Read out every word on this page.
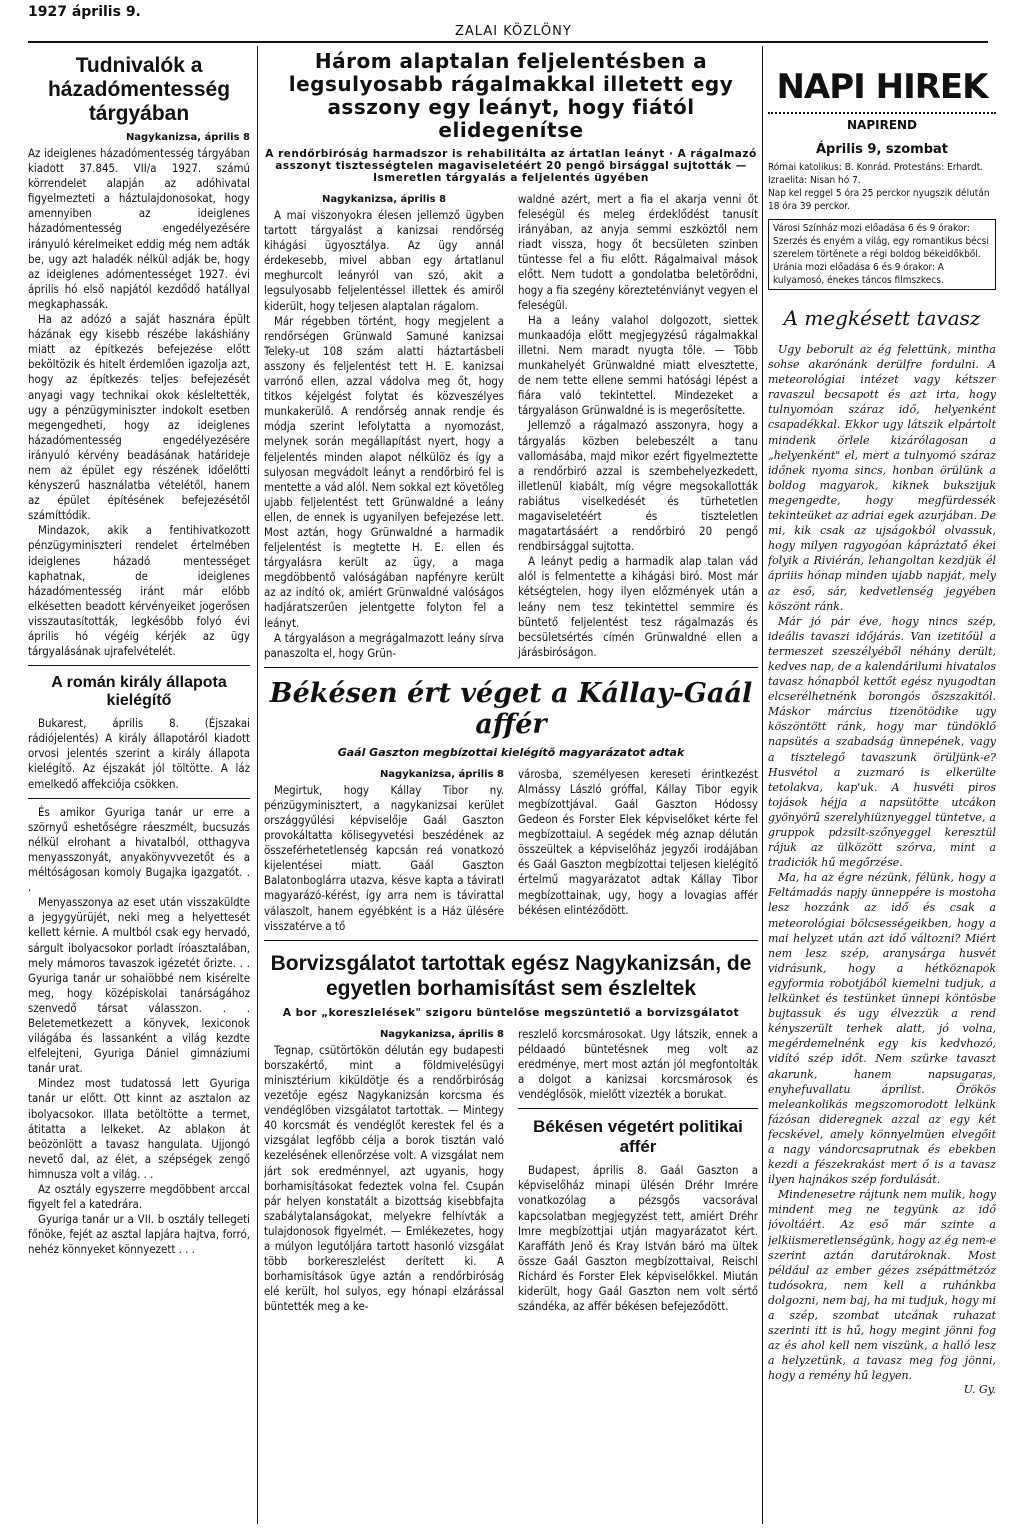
1927 április 9.
ZALAI KÖZLÖNY
Tudnivalók a házadómentesség tárgyában
Nagykanizsa, április 8

Az ideiglenes házadómentesség tárgyában kiadott 37.845. VII/a 1927. számú körrendelet alapján az adóhivatal figyelmezteti a háztulajdonosokat, hogy amennyiben az ideiglenes házadómentesség engedélyezésére irányuló kérelmeiket eddig még nem adták be, ugy azt haladék nélkül adják be, hogy az ideiglenes adómentességet 1927. évi április hó első napjától kezdődő hatállyal megkaphassák.

Ha az adózó a saját hasznára épült házának egy kisebb részébe lakáshiány miatt az építkezés befejezése előtt beköltözik és hitelt érdemlően igazolja azt, hogy az építkezés teljes befejezését anyagi vagy technikai okok késleltették, ugy a pénzügyminiszter indokolt esetben megengedheti, hogy az ideiglenes házadómentesség engedélyezésére irányuló kérvény beadásának határideje nem az épület egy részének időelőtti kényszerű használatba vételétől, hanem az épület építésének befejezésétől számíttódik.

Mindazok, akik a fentihivatkozott pénzügyminiszteri rendelet értelmében ideiglenes házadó mentességet kaphatnak, de ideiglenes házadómentesség iránt már előbb elkésetten beadott kérvényeiket jogerősen visszautasították, legkésőbb folyó évi április hó végéig kérjék az ügy tárgyalásának ujrafelvételét.

A román király állapota kielégítő

Bukarest, április 8. (Éjszakai rádiójelentés) A király állapotáról kiadott orvosi jelentés szerint a király állapota kielégítő. Az éjszakát jól töltötte. A láz emelkedő affekciója csökken.

És amikor Gyuriga tanár ur erre a szörnyű eshetőségre ráeszmélt, bucsuzás nélkül elrohant a hivatalból, otthagyva menyasszonyát, anyakönyvvezetőt és a méltóságosan komoly Bugajka igazgatót. . .

Menyasszonya az eset után visszaküldte a jegygyürüjét, neki meg a helyettesét kellett kérnie. A multból csak egy hervadó, sárgult ibolyacsokor porladt íróasztalában, mely mámoros tavaszok igézetét őrizte. . . Gyuriga tanár ur sohaiöbbé nem kisérelte meg, hogy középiskolai tanárságához szenvedő társat válasszon. . . Beletemetkezett a könyvek, lexiconok világába és lassanként a világ kezdte elfelejteni, Gyuriga Dániel gimnáziumi tanár urat.

Mindez most tudatossá lett Gyuriga tanár ur előtt. Ott kinnt az asztalon az ibolyacsokor. Illata betöltötte a termet, átitatta a lelkeket. Az ablakon át beözönlött a tavasz hangulata. Ujjongó nevető dal, az élet, a szépségek zengő himnusza volt a világ. . .

Az osztály egyszerre megdöbbent arccal figyelt fel a katedrára.

Gyuriga tanár ur a VII. b osztály tellegeti főnöke, fejét az asztal lapjára hajtva, forró, nehéz könnyeket könnyezett . . .

Három alaptalan feljelentésben a legsulyosabb rágalmakkal illetett egy asszony egy leányt, hogy fiától elidegenítse
A rendőrbiróság harmadszor is rehabilitálta az ártatlan leányt · A rágalmazó asszonyt tisztességtelen magaviseletéért 20 pengő birsággal sujtották — Ismeretlen tárgyalás a feljelentés ügyében
Nagykanizsa, április 8

A mai viszonyokra élesen jellemző ügyben tartott tárgyalást a kanizsai rendőrség kihágási ügyosztálya. Az ügy annál érdekesebb, mivel abban egy ártatlanul meghurcolt leányról van szó, akit a legsulyosabb feljelentéssel illettek és amiről kiderült, hogy teljesen alaptalan rágalom.

Már régebben történt, hogy megjelent a rendőrségen Grünwald Samuné kanizsai Teleky-ut 108 szám alatti háztartásbeli asszony és feljelentést tett H. E. kanizsai varrónő ellen, azzal vádolva meg őt, hogy titkos kéjelgést folytat és közveszélyes munkakerülő. A rendőrség annak rendje és módja szerint lefolytatta a nyomozást, melynek során megállapítást nyert, hogy a feljelentés minden alapot nélkülöz és így a sulyosan megvádolt leányt a rendőrbiró fel is mentette a vád alól. Nem sokkal ezt követőleg ujabb feljelentést tett Grünwaldné a leány ellen, de ennek is ugyanilyen befejezése lett. Most aztán, hogy Grünwaldné a harmadik feljelentést is megtette H. E. ellen és tárgyalásra került az ügy, a maga megdöbbentő valóságában napfényre került az az indító ok, amiért Grünwaldné valóságos hadjáratszerűen jelentgette folyton fel a leányt.

A tárgyaláson a megrágalmazott leány sírva panaszolta el, hogy Grün-

waldné azért, mert a fia el akarja venni őt feleségül és meleg érdeklődést tanusít irányában, az anyja semmi eszköztől nem riadt vissza, hogy őt becsületen szinben tüntesse fel a fiu előtt. Rágalmaival mások előtt. Nem tudott a gondolatba beletörődni, hogy a fia szegény körezteténviányt vegyen el feleségül.

Ha a leány valahol dolgozott, siettek munkaadója előtt megjegyzésű rágalmakkal illetni. Nem maradt nyugta tőle. — Több munkahelyét Grünwaldné miatt elvesztette, de nem tette ellene semmi hatósági lépést a fiára való tekintettel. Mindezeket a tárgyaláson Grünwaldné is is megerősítette.

Jellemző a rágalmazó asszonyra, hogy a tárgyalás közben belebeszélt a tanu vallomásába, majd mikor ezért figyelmeztette a rendőrbiró azzal is szembehelyezkedett, illetlenül kiabált, míg végre megsokallották rabiátus viselkedését és türhetetlen magaviseletéért és tiszteletlen magatartásáért a rendőrbiró 20 pengő rendbirsággal sujtotta.

A leányt pedig a harmadik alap talan vád alól is felmentette a kihágási biró. Most már kétségtelen, hogy ilyen előzmények után a leány nem tesz tekintettel semmire és büntető feljelentést tesz rágalmazás és becsületsértés címén Grünwaldné ellen a járásbiróságon.

Békésen ért véget a Kállay-Gaál affér
Gaál Gaszton megbízottai kielégítő magyarázatot adtak
Nagykanizsa, április 8

Megirtuk, hogy Kállay Tibor ny. pénzügyminisztert, a nagykanizsai kerület országgyűlési képviselője Gaál Gaszton provokáltatta kölisegyvetési beszédének az összeférhetetlenség kapcsán reá vonatkozó kijelentései miatt. Gaál Gaszton Balatonboglárra utazva, késve kapta a táviratI magyarázó-kérést, így arra nem is távirattal válaszolt, hanem egyébként is a Ház ülésére visszatérve a tő

városba, személyesen kereseti érintkezést Almássy László gróffal, Kállay Tibor egyik megbízottjával. Gaál Gaszton Hódossy Gedeon és Forster Elek képviselőket kérte fel megbízottaiul. A segédek még aznap délután összeültek a képviselőház jegyzői irodájában és Gaál Gaszton megbízottai teljesen kielégítő értelmű magyarázatot adtak Kállay Tibor megbízottainak, ugy, hogy a lovagias affér békésen elintéződött.

Borvizsgálatot tartottak egész Nagykanizsán, de egyetlen borhamisítást sem észleltek
A bor „koreszlelések" szigoru büntelőse megszüntetiő a borvizsgálatot
Nagykanizsa, április 8

Tegnap, csütörtökön délután egy budapesti borszakértő, mint a földmivelésügyi minisztérium kiküldötje és a rendőrbiróság vezetője egész Nagykanizsán korcsma és vendéglőben vizsgálatot tartottak. — Mintegy 40 korcsmát és vendéglőt kerestek fel és a vizsgálat legfőbb célja a borok tisztán való kezelésének ellenőrzése volt. A vizsgálat nem járt sok eredménnyel, azt ugyanis, hogy borhamisításokat fedeztek volna fel. Csupán pár helyen konstatált a bizottság kisebbfajta szabálytalanságokat, melyekre felhívták a tulajdonosok figyelmét. — Emlékezetes, hogy a múlyon legutóljára tartott hasonló vizsgálat több borkereszlelést derített ki. A borhamisítások ügye aztán a rendőrbiróság elé került, hol sulyos, egy hónapi elzárással büntették meg a ke-

reszlelő korcsmárosokat. Ugy látszik, ennek a példaadó büntetésnek meg volt az eredménye, mert most aztán jól megfontolták a dolgot a kanizsai korcsmárosok és vendéglősök, mielőtt vizezték a borukat.

Békésen végetért politikai affér

Budapest, április 8. Gaál Gaszton a képviselőház minapi ülésén Dréhr Imrére vonatkozólag a pézsgős vacsorával kapcsolatban megjegyzést tett, amiért Dréhr Imre megbízottjai utján magyarázatot kért. Karaffáth Jenő és Kray István báró ma ültek össze Gaál Gaszton megbízottaival, Reischl Richárd és Forster Elek képviselőkkel. Miután kiderült, hogy Gaál Gaszton nem volt sértő szándéka, az affér békésen befejeződött.

NAPI HIREK
NAPIREND
Április 9, szombat

Római katolikus: B. Konrád. Protestáns: Erhardt. Izraelita: Nisan hó 7.

Nap kel reggel 5 óra 25 perckor nyugszik délután 18 óra 39 perckor.

Városi Színház mozi előadása 6 és 9 órakor: Szerzés és enyém a világ, egy romantikus bécsi szerelem története a régi boldog békeidőkből.

Uránia mozi előadása 6 és 9 órakor: A kulyamosó, énekes táncos filmszkecs.

A megkésett tavasz

Ugy beborult az ég felettünk, mintha sohse akarónánk derülfre fordulni. A meteorológiai intézet vagy kétszer ravaszul becsapott és azt irta, hogy tulnyomóan száraz idő, helyenként csapadékkal. Ekkor ugy látszik elpártolt mindenk örlele kizárólagosan a „helyenként" el, mert a tulnyomó száraz időnek nyoma sincs, honban örülünk a boldog magyarok, kiknek bukszijuk megengedte, hogy megfürdessék tekinteüket az adriai egek azurjában. De mi, kik csak az ujságokból olvassuk, hogy milyen ragyogóan kápráztatő ékei folyik a Riviérán, lehangoltan kezdjük él ápriiis hónap minden ujabb napját, mely az eső, sár, kedvetlenség jegyében köszönt ránk.

Már jó pár éve, hogy nincs szép, ideális tavaszi időjárás. Van izetitőül a termeszet szeszélyéből néhány derült, kedves nap, de a kalendárilumi hivatalos tavasz hónapból kettőt egész nyugodtan elcserélhetnénk borongós őszszakitól. Máskor március tizenötödike ugy köszöntött ránk, hogy mar tündöklő napsütés a szabadság ünnepének, vagy a tisztelegő tavaszunk örüljünk-e? Husvétol a zuzmaró is elkerülte tetolakva, kap'uk. A husvéti piros tojások héjja a napsütötte utcákon gyönyörű szerelyhiüznyeggel tüntetve, a gruppok pdzsilt-szőnyeggel keresztül rájuk az ülközött szórva, mint a tradiciók hű megőrzése.

Ma, ha az égre nézünk, félünk, hogy a Feltámadás napjy ünneppére is mostoha lesz hozzánk az idő és csak a meteorológiai bölcsességeikben, hogy a mai helyzet után azt idő változni? Miért nem lesz szép, aranysárga husvét vidrásunk, hogy a hétköznapok egyformia robotjából kiemelni tudjuk, a lelkünket és testünket ünnepi köntösbe bujtassuk és ugy élvezzük a rend kényszerült terhek alatt, jó volna, megérdemelnénk egy kis kedvhozó, vidító szép időt. Nem szürke tavaszt akarunk, hanem napsugaras, enyhefuvallatu áprilist. Örökös meleankolikás megszomorodott lelkünk fázósan dideregnek azzal az egy két fecskével, amely könnyelmüen elvegőit a nagy vándorcsaprutnak és ebekben kezdi a fészekrakást mert ő is a tavasz ilyen hajnákos szép fordulását.

Mindenesetre rájtunk nem mulik, hogy mindent meg ne tegyünk az idő jóvoltáért. Az eső már szinte a jelkiismeretlenségünk, hogy az ég nem-e szerint aztán darutároknak. Most például az ember gézes zsépáttmétzóz tudósokra, nem kell a ruhánkba dolgozni, nem baj, ha mi tudjuk, hogy mi a szép, szombat utcának ruhazat szerinti itt is hű, hogy megint jönni fog az és ahol kell nem viszünk, a halló lesz a helyzetünk, a tavasz meg fog jönni, hogy a remény hű legyen.

U. Gy.
